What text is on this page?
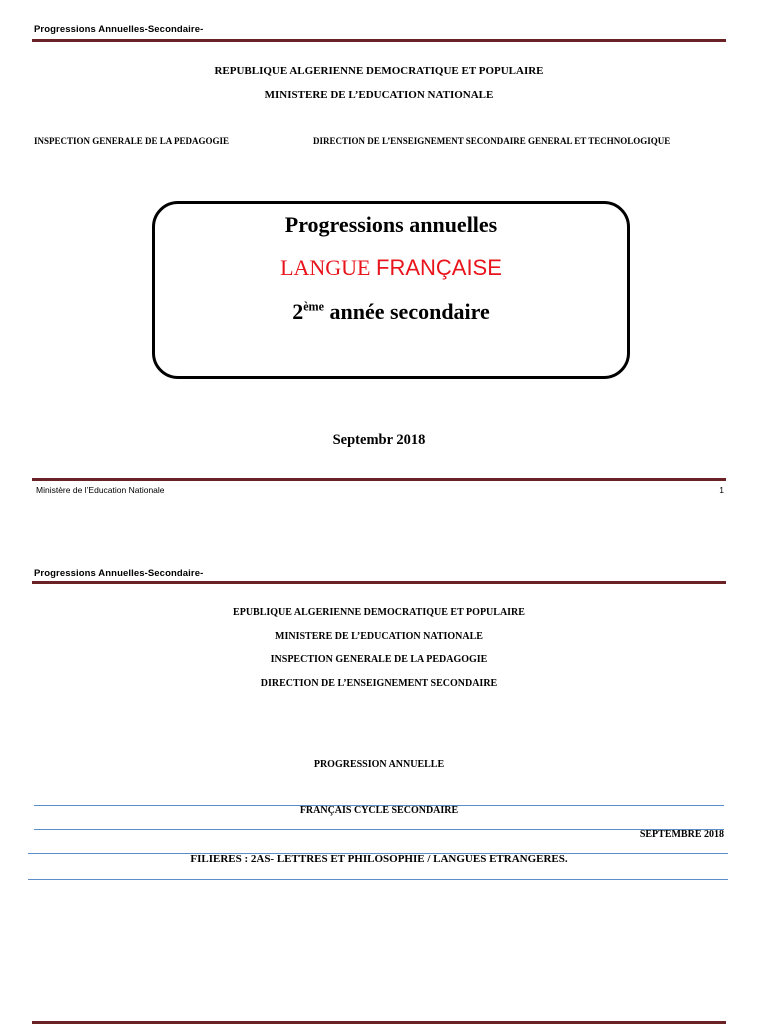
Progressions Annuelles-Secondaire-
REPUBLIQUE ALGERIENNE DEMOCRATIQUE ET POPULAIRE
MINISTERE DE L’EDUCATION NATIONALE
INSPECTION GENERALE DE LA PEDAGOGIE	DIRECTION DE L’ENSEIGNEMENT SECONDAIRE GENERAL ET TECHNOLOGIQUE
Progressions annuelles
LANGUE FRANÇAISE
2ème année secondaire
Septembr 2018
Ministère de l’Education Nationale	1
Progressions Annuelles-Secondaire-
EPUBLIQUE ALGERIENNE DEMOCRATIQUE ET POPULAIRE
MINISTERE DE L’EDUCATION NATIONALE
INSPECTION GENERALE DE LA PEDAGOGIE
DIRECTION DE L’ENSEIGNEMENT SECONDAIRE
PROGRESSION ANNUELLE
FRANÇAIS CYCLE SECONDAIRE
SEPTEMBRE 2018
FILIERES : 2AS- LETTRES ET PHILOSOPHIE / LANGUES ETRANGERES.
